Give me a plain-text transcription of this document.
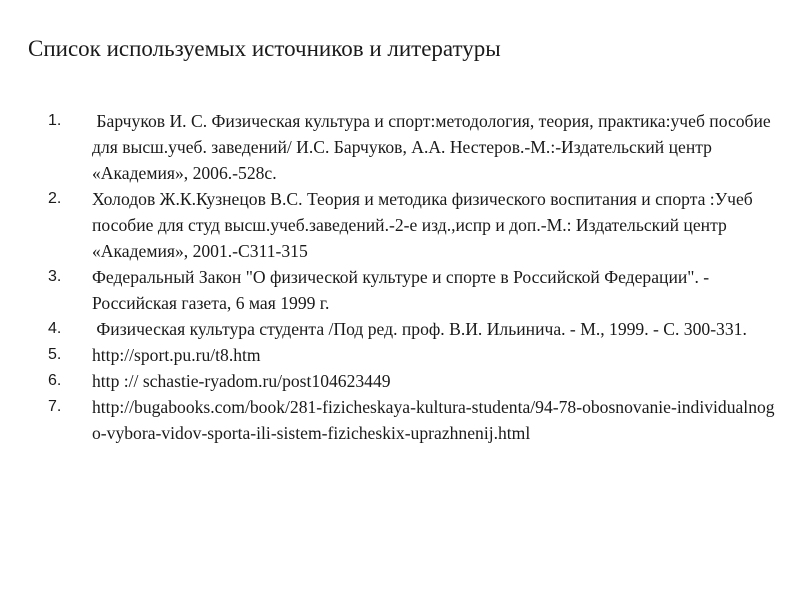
Список используемых источников и литературы
1. Барчуков И. С. Физическая культура и спорт:методология, теория, практика:учеб пособие для высш.учеб. заведений/ И.С. Барчуков, А.А. Нестеров.-М.:-Издательский центр «Академия», 2006.-528с.
2. Холодов Ж.К.Кузнецов В.С. Теория и методика физического воспитания и спорта :Учеб пособие для студ высш.учеб.заведений.-2-е изд.,испр и доп.-М.: Издательский центр «Академия», 2001.-С311-315
3. Федеральный Закон "О физической культуре и спорте в Российской Федерации". - Российская газета, 6 мая 1999 г.
4. Физическая культура студента /Под ред. проф. В.И. Ильинича. - М., 1999. - С. 300-331.
5. http://sport.pu.ru/t8.htm
6. http :// schastie-ryadom.ru/post104623449
7. http://bugabooks.com/book/281-fizicheskaya-kultura-studenta/94-78-obosnovanie-individualnogo-vybora-vidov-sporta-ili-sistem-fizicheskix-uprazhnenij.html
